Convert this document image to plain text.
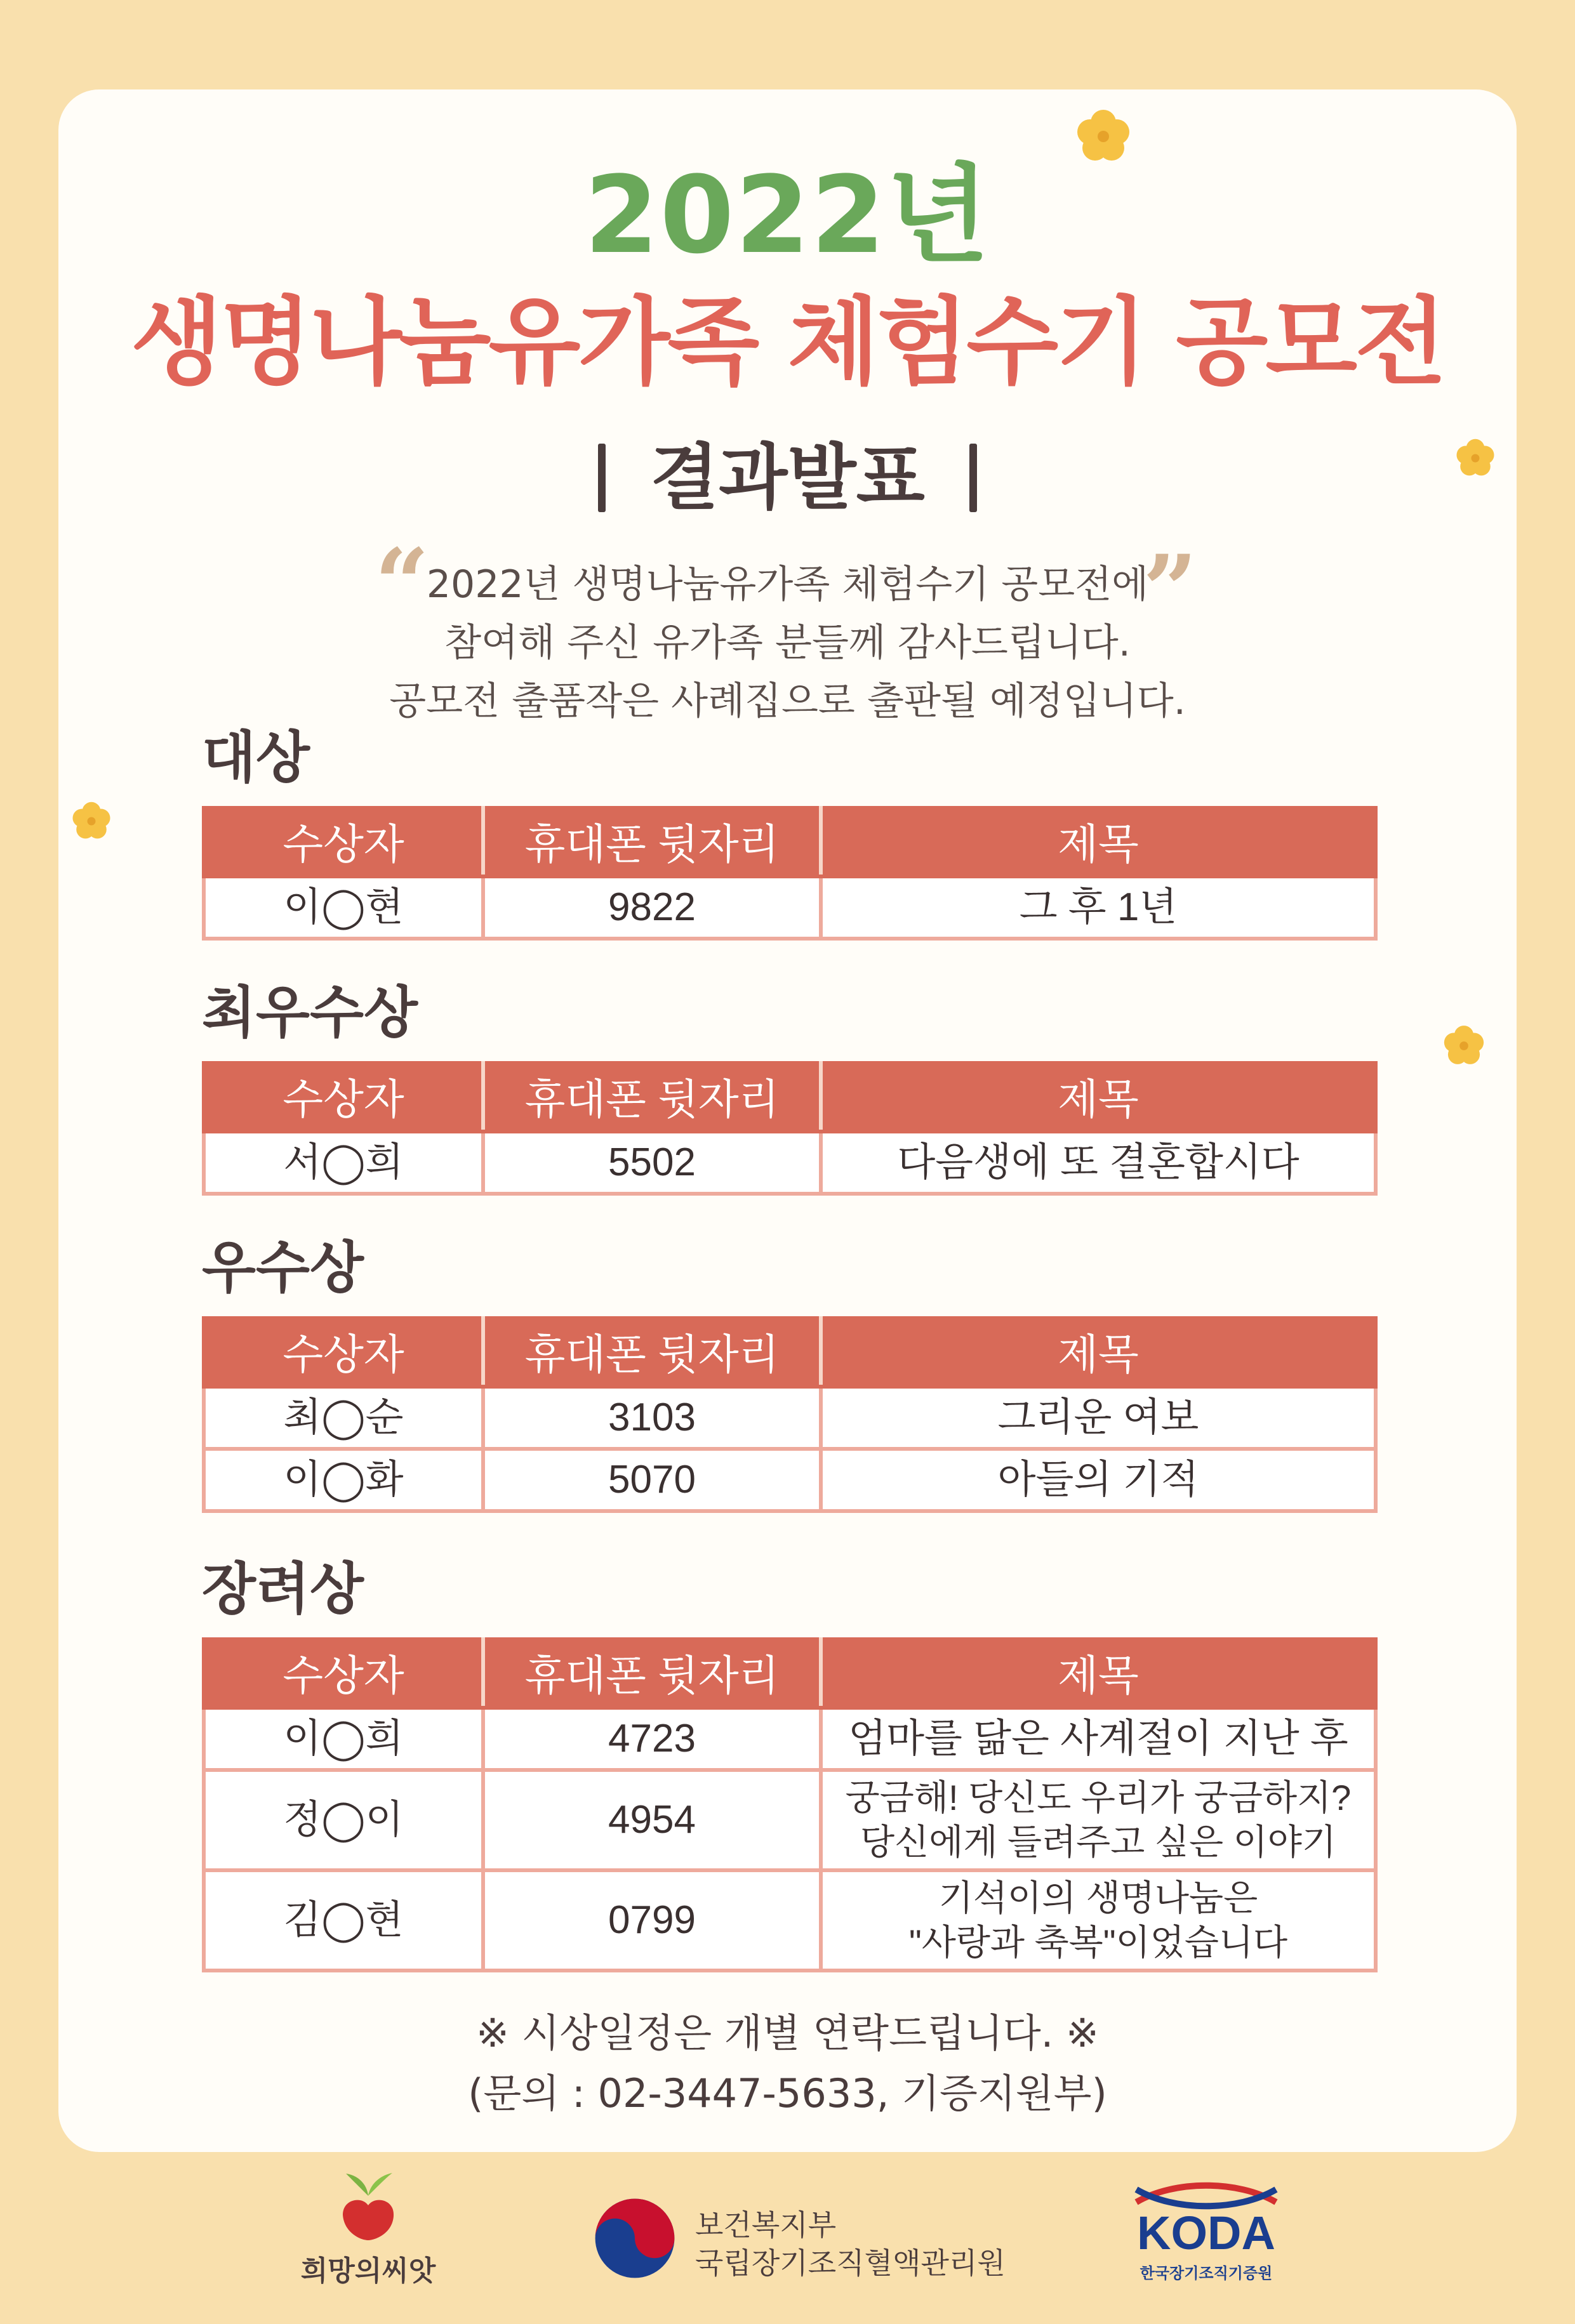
2022년
생명나눔유가족 체험수기 공모전
결과발표
“	”
2022년 생명나눔유가족 체험수기 공모전에
참여해 주신 유가족 분들께 감사드립니다.
공모전 출품작은 사례집으로 출판될 예정입니다.
대상
수상자	휴대폰 뒷자리	제목
이◯현	9822	그 후 1년
최우수상
수상자	휴대폰 뒷자리	제목
서◯희	5502	다음생에 또 결혼합시다
우수상
수상자	휴대폰 뒷자리	제목
최◯순	3103	그리운 여보
이◯화	5070	아들의 기적
장려상
수상자	휴대폰 뒷자리	제목
이◯희	4723	엄마를 닮은 사계절이 지난 후
정◯이	4954	궁금해! 당신도 우리가 궁금하지?
당신에게 들려주고 싶은 이야기

김◯현	0799	기석이의 생명나눔은
"사랑과 축복"이었습니다
※ 시상일정은 개별 연락드립니다. ※
(문의 : 02-3447-5633, 기증지원부)
희망의씨앗
보건복지부
국립장기조직혈액관리원
KODA
한국장기조직기증원
